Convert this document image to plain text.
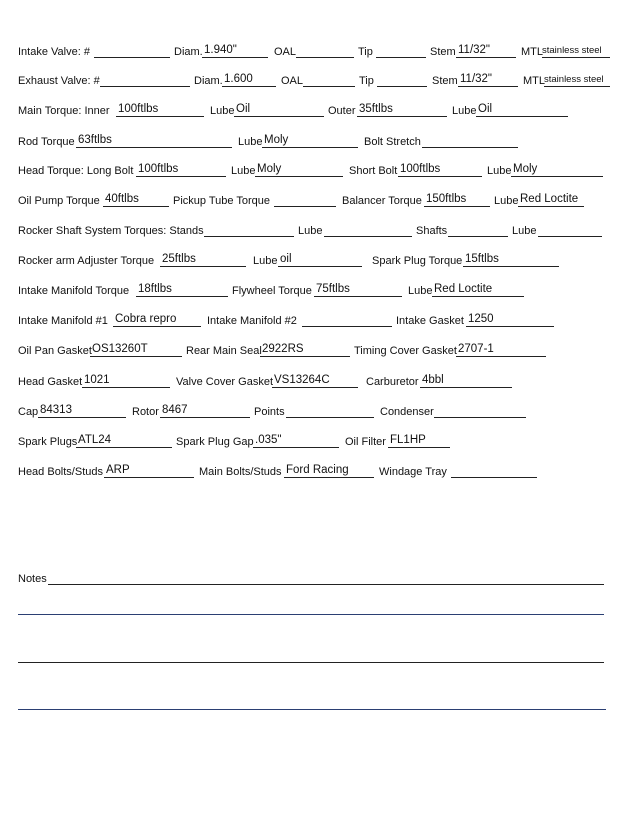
Intake Valve: #	Diam. 1.940"	OAL	Tip	Stem 11/32"	MTL stainless steel
Exhaust Valve: #	Diam. 1.600	OAL	Tip	Stem 11/32"	MTL stainless steel
Main Torque: Inner 100ftlbs	Lube Oil	Outer 35ftlbs	Lube Oil
Rod Torque 63ftlbs	Lube Moly	Bolt Stretch
Head Torque: Long Bolt 100ftlbs	Lube Moly	Short Bolt 100ftlbs	Lube Moly
Oil Pump Torque 40ftlbs	Pickup Tube Torque	Balancer Torque 150ftlbs	Lube Red Loctite
Rocker Shaft System Torques: Stands	Lube	Shafts	Lube
Rocker arm Adjuster Torque 25ftlbs	Lube oil	Spark Plug Torque 15ftlbs
Intake Manifold Torque 18ftlbs	Flywheel Torque 75ftlbs	Lube Red Loctite
Intake Manifold #1 Cobra repro	Intake Manifold #2	Intake Gasket 1250
Oil Pan Gasket OS13260T	Rear Main Seal 2922RS	Timing Cover Gasket 2707-1
Head Gasket 1021	Valve Cover Gasket VS13264C	Carburetor 4bbl
Cap 84313	Rotor 8467	Points	Condenser
Spark Plugs ATL24	Spark Plug Gap .035"	Oil Filter FL1HP
Head Bolts/Studs ARP	Main Bolts/Studs Ford Racing	Windage Tray
Notes
